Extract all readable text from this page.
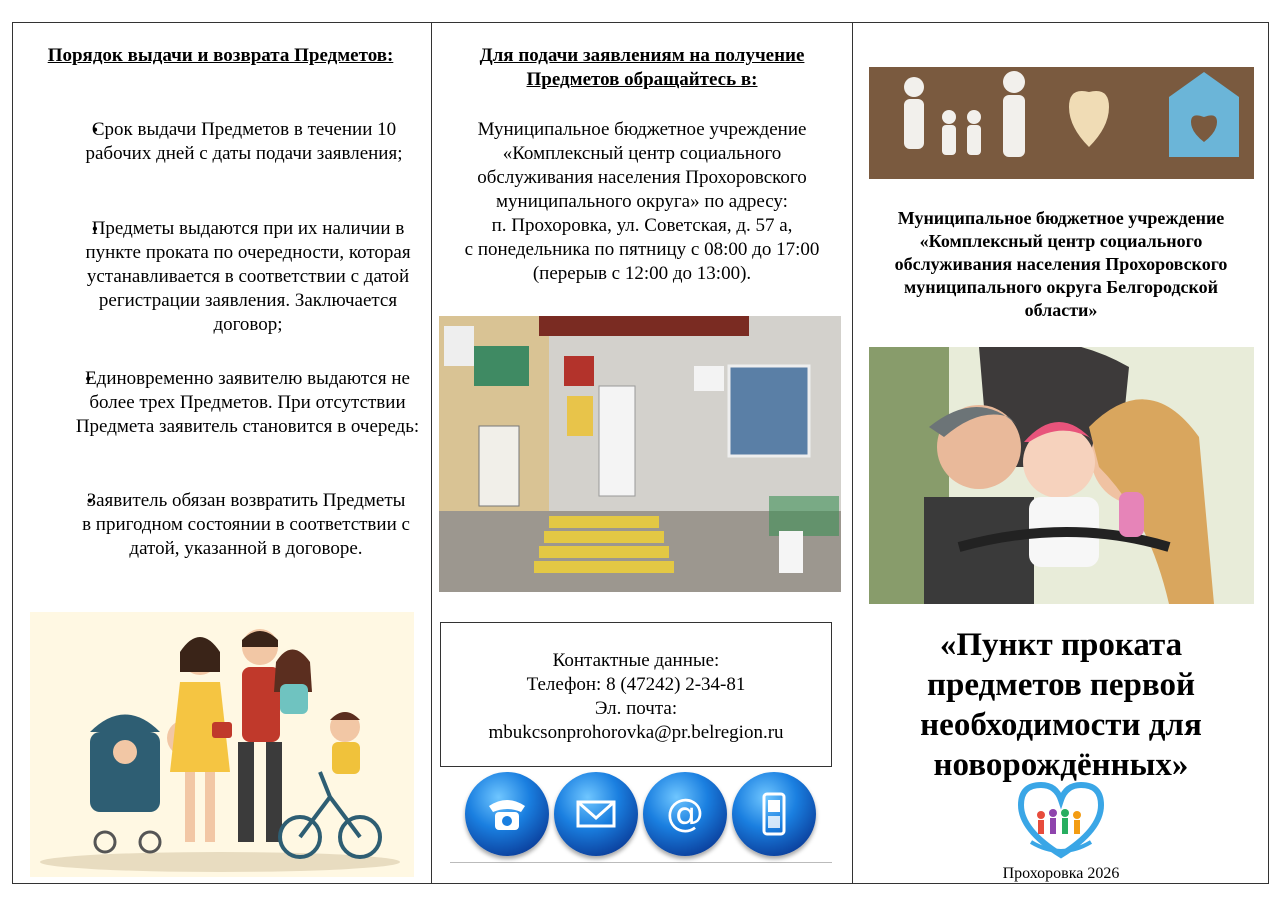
Порядок выдачи и возврата Предметов:
• Срок выдачи Предметов в течении 10 рабочих дней с даты подачи заявления;
• Предметы выдаются при их наличии в пункте проката по очередности, которая устанавливается в соответствии с датой регистрации заявления. Заключается договор;
• Единовременно заявителю выдаются не более трех Предметов. При отсутствии Предмета заявитель становится в очередь:
• Заявитель обязан возвратить Предметы в пригодном состоянии в соответствии с датой, указанной в договоре.
Для подачи заявлениям на получение Предметов обращайтесь в:
Муниципальное бюджетное учреждение
«Комплексный центр социального
обслуживания населения Прохоровского
муниципального округа» по адресу:
п. Прохоровка, ул. Советская, д. 57 а,
с понедельника по пятницу с 08:00 до 17:00
(перерыв с 12:00 до 13:00).
Контактные данные:
Телефон: 8 (47242) 2-34-81
Эл. почта:
mbukcsonprohorovka@pr.belregion.ru
@
Муниципальное бюджетное учреждение
«Комплексный центр социального
обслуживания населения Прохоровского
муниципального округа Белгородской
области»
«Пункт проката
предметов первой
необходимости для
новорождённых»
Прохоровка 2026
